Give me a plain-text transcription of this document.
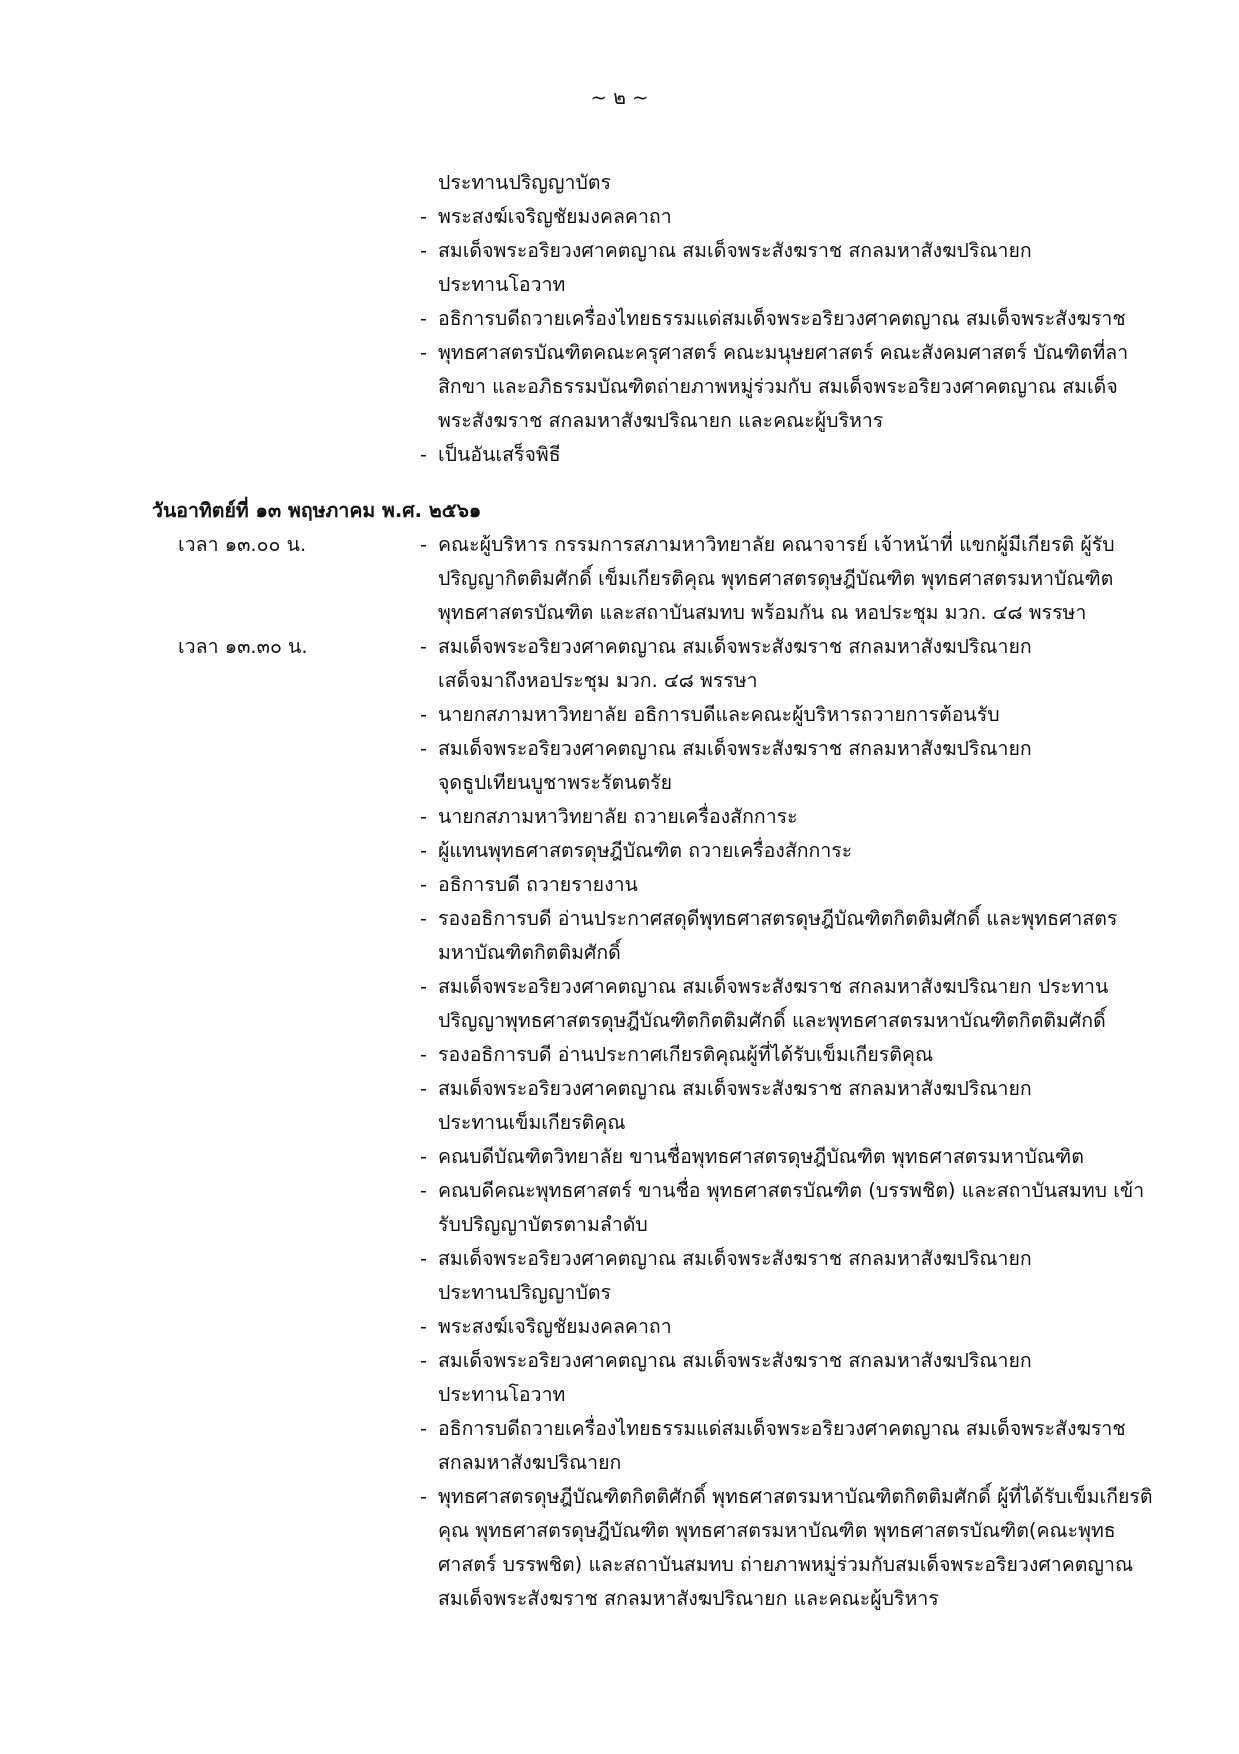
~ ๒ ~
ประทานปริญญาบัตร
- พระสงฆ์เจริญชัยมงคลคาถา
- สมเด็จพระอริยวงศาคตญาณ สมเด็จพระสังฆราช สกลมหาสังฆปริณายก
ประทานโอวาท
- อธิการบดีถวายเครื่องไทยธรรมแด่สมเด็จพระอริยวงศาคตญาณ สมเด็จพระสังฆราช
- พุทธศาสตรบัณฑิตคณะครุศาสตร์ คณะมนุษยศาสตร์ คณะสังคมศาสตร์ บัณฑิตที่ลา
สิกขา และอภิธรรมบัณฑิตถ่ายภาพหมู่ร่วมกับ สมเด็จพระอริยวงศาคตญาณ สมเด็จ
พระสังฆราช สกลมหาสังฆปริณายก และคณะผู้บริหาร
- เป็นอันเสร็จพิธี
วันอาทิตย์ที่ ๑๓ พฤษภาคม พ.ศ. ๒๕๖๑
เวลา ๑๓.๐๐ น.	- คณะผู้บริหาร กรรมการสภามหาวิทยาลัย คณาจารย์ เจ้าหน้าที่ แขกผู้มีเกียรติ ผู้รับ
ปริญญากิตติมศักดิ์ เข็มเกียรติคุณ พุทธศาสตรดุษฎีบัณฑิต พุทธศาสตรมหาบัณฑิต
พุทธศาสตรบัณฑิต และสถาบันสมทบ พร้อมกัน ณ หอประชุม มวก. ๔๘ พรรษา
เวลา ๑๓.๓๐ น.	- สมเด็จพระอริยวงศาคตญาณ สมเด็จพระสังฆราช สกลมหาสังฆปริณายก
เสด็จมาถึงหอประชุม มวก. ๔๘ พรรษา
- นายกสภามหาวิทยาลัย อธิการบดีและคณะผู้บริหารถวายการต้อนรับ
- สมเด็จพระอริยวงศาคตญาณ สมเด็จพระสังฆราช สกลมหาสังฆปริณายก
จุดธูปเทียนบูชาพระรัตนตรัย
- นายกสภามหาวิทยาลัย ถวายเครื่องสักการะ
- ผู้แทนพุทธศาสตรดุษฎีบัณฑิต ถวายเครื่องสักการะ
- อธิการบดี ถวายรายงาน
- รองอธิการบดี อ่านประกาศสดุดีพุทธศาสตรดุษฎีบัณฑิตกิตติมศักดิ์ และพุทธศาสตร
มหาบัณฑิตกิตติมศักดิ์
- สมเด็จพระอริยวงศาคตญาณ สมเด็จพระสังฆราช สกลมหาสังฆปริณายก ประทาน
ปริญญาพุทธศาสตรดุษฎีบัณฑิตกิตติมศักดิ์ และพุทธศาสตรมหาบัณฑิตกิตติมศักดิ์
- รองอธิการบดี อ่านประกาศเกียรติคุณผู้ที่ได้รับเข็มเกียรติคุณ
- สมเด็จพระอริยวงศาคตญาณ สมเด็จพระสังฆราช สกลมหาสังฆปริณายก
ประทานเข็มเกียรติคุณ
- คณบดีบัณฑิตวิทยาลัย ขานชื่อพุทธศาสตรดุษฎีบัณฑิต พุทธศาสตรมหาบัณฑิต
- คณบดีคณะพุทธศาสตร์ ขานชื่อ พุทธศาสตรบัณฑิต (บรรพชิต) และสถาบันสมทบ เข้า
รับปริญญาบัตรตามลำดับ
- สมเด็จพระอริยวงศาคตญาณ สมเด็จพระสังฆราช สกลมหาสังฆปริณายก
ประทานปริญญาบัตร
- พระสงฆ์เจริญชัยมงคลคาถา
- สมเด็จพระอริยวงศาคตญาณ สมเด็จพระสังฆราช สกลมหาสังฆปริณายก
ประทานโอวาท
- อธิการบดีถวายเครื่องไทยธรรมแด่สมเด็จพระอริยวงศาคตญาณ สมเด็จพระสังฆราช
สกลมหาสังฆปริณายก
- พุทธศาสตรดุษฎีบัณฑิตกิตติศักดิ์ พุทธศาสตรมหาบัณฑิตกิตติมศักดิ์ ผู้ที่ได้รับเข็มเกียรติ
คุณ พุทธศาสตรดุษฎีบัณฑิต พุทธศาสตรมหาบัณฑิต พุทธศาสตรบัณฑิต(คณะพุทธ
ศาสตร์ บรรพชิต) และสถาบันสมทบ ถ่ายภาพหมู่ร่วมกับสมเด็จพระอริยวงศาคตญาณ
สมเด็จพระสังฆราช สกลมหาสังฆปริณายก และคณะผู้บริหาร
